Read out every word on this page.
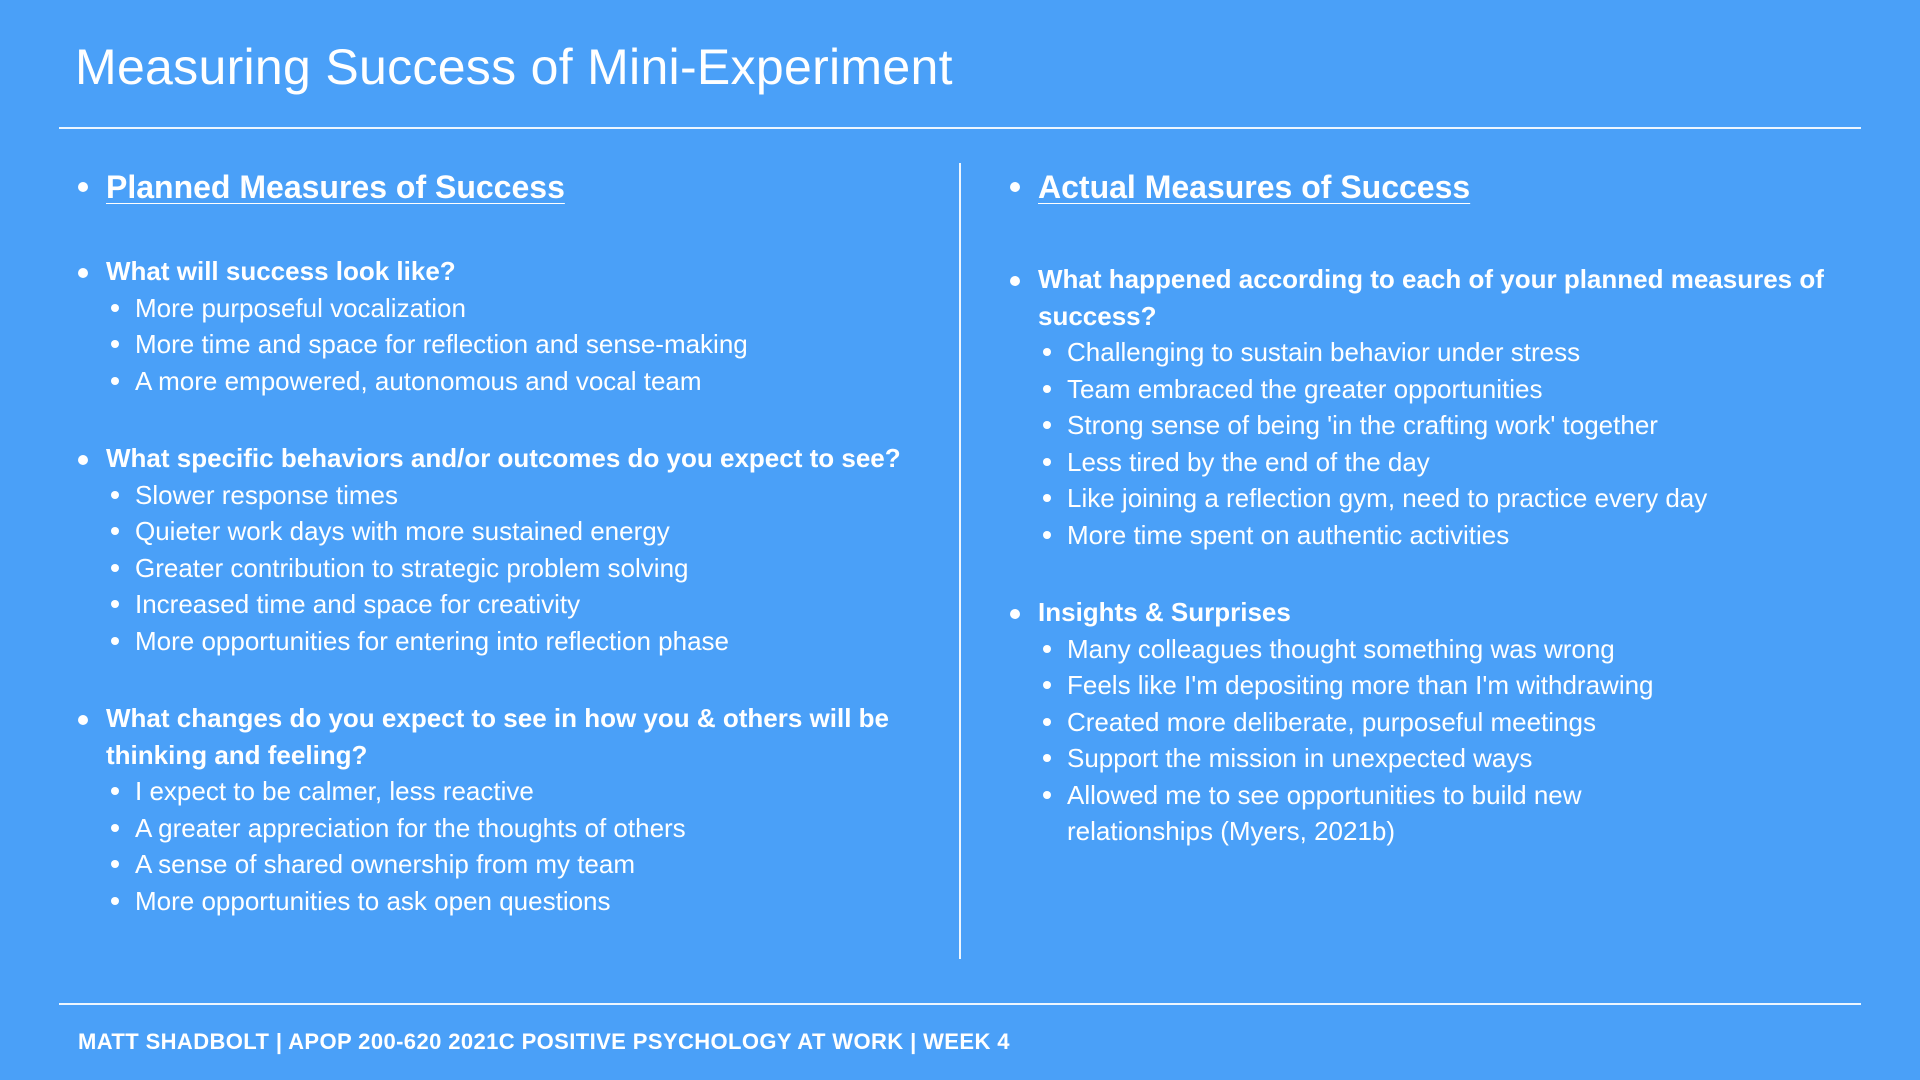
Measuring Success of Mini-Experiment
Planned Measures of Success
What will success look like?
More purposeful vocalization
More time and space for reflection and sense-making
A more empowered, autonomous and vocal team
What specific behaviors and/or outcomes do you expect to see?
Slower response times
Quieter work days with more sustained energy
Greater contribution to strategic problem solving
Increased time and space for creativity
More opportunities for entering into reflection phase
What changes do you expect to see in how you & others will be thinking and feeling?
I expect to be calmer, less reactive
A greater appreciation for the thoughts of others
A sense of shared ownership from my team
More opportunities to ask open questions
Actual Measures of Success
What happened according to each of your planned measures of success?
Challenging to sustain behavior under stress
Team embraced the greater opportunities
Strong sense of being 'in the crafting work' together
Less tired by the end of the day
Like joining a reflection gym, need to practice every day
More time spent on authentic activities
Insights & Surprises
Many colleagues thought something was wrong
Feels like I'm depositing more than I'm withdrawing
Created more deliberate, purposeful meetings
Support the mission in unexpected ways
Allowed me to see opportunities to build new relationships (Myers, 2021b)

MATT SHADBOLT | APOP 200-620 2021C POSITIVE PSYCHOLOGY AT WORK | WEEK 4
